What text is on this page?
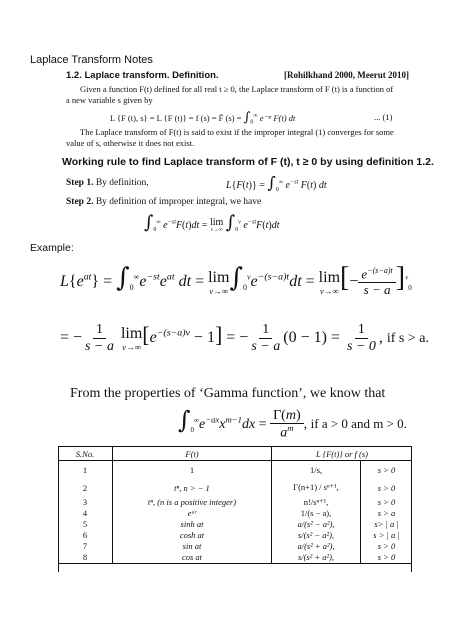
Laplace Transform Notes
1.2. Laplace transform. Definition.	[Rohilkhand 2000, Meerut 2010]
Given a function F(t) defined for all real t ≥ 0, the Laplace transform of F (t) is a function of
a new variable s given by
L {F (t), s} = L {F (t)} = f (s) = F̄ $(s) = \int_0^\infty$ e⁻ˢᵗ F(t) dt	... (1)
The Laplace transform of F(t) is said to exist if the improper integral (1) converges for some
value of s, otherwise it does not exist.
Working rule to find Laplace transform of F (t), t ≥ 0 by using definition 1.2.
Step 1. By definition,	$L\{F(t)\} = \int_0^\infty$ $e^{-st}$ F(t) dt
Step 2. By definition of improper integral, we have
$\int_0^\infty$ $e^{-st}F(t)dt = \lim$
v→∞ $\int_0^v$ $e^{-st}F(t)dt$
Example:
$L\{e^{at}\} = \int_0^\infty e^{-st}e^{at}$ dt = lim
v→∞ $\int_0^ve^{-(s-a)t}dt = \lim$
v→∞ [− $\frac{e^{-(s-a)t}}{s - a} ]^v_0$
= − $\frac{1}{s - a}$
lim
v→∞ $[e^{-(s-a)v} - 1]$ = − $\frac{1}{s - a} (0 - 1) = \frac{1}{s - 0}$ , if s > a.
From the properties of ‘Gamma function’, we know that
$\int_0^\infty e^{-ax}x^{m-1}dx = \frac{\Gamma(m)}{a^m}$ , if a > 0 and m > 0.
S.No.	F(t)	L {F(t)} or f (s)	
1	1	1/s,	s > 0
2	tⁿ, n > − 1	Γ(n+1) / sⁿ⁺¹,	s > 0
3	tⁿ, (n is a positive integer)	n!/sⁿ⁺¹,	s > 0
4	eᵃᵗ	1/(s − a),	s > a
5	sinh at	a/(s² − a²),	s> | a |
6	cosh at	s/(s² − a²),	s > | a |
7	sin at	a/(s² + a²),	s > 0
8	cos at	s/(s² + a²),	s > 0
